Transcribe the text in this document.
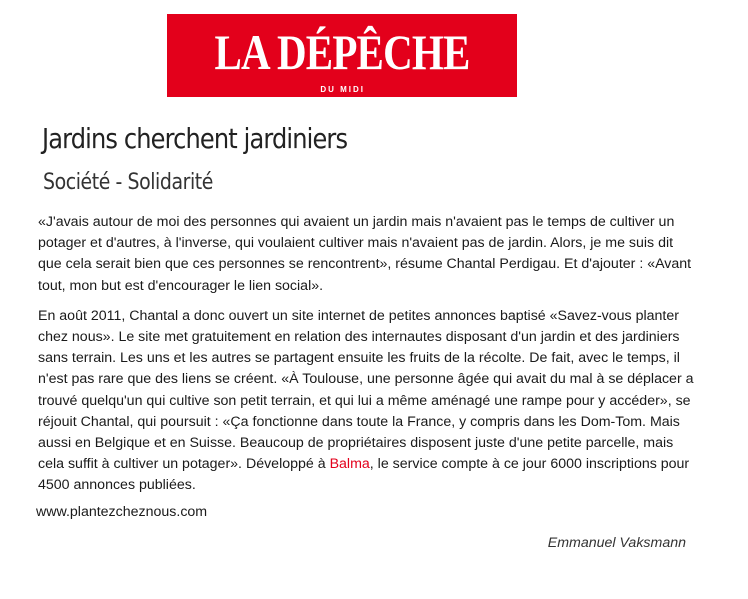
LA DÉPÊCHE
DU MIDI
Jardins cherchent jardiniers
Société - Solidarité

«J'avais autour de moi des personnes qui avaient un jardin mais n'avaient pas le temps de cultiver un potager et d'autres, à l'inverse, qui voulaient cultiver mais n'avaient pas de jardin. Alors, je me suis dit que cela serait bien que ces personnes se rencontrent», résume Chantal Perdigau. Et d'ajouter : «Avant tout, mon but est d'encourager le lien social».

En août 2011, Chantal a donc ouvert un site internet de petites annonces baptisé «Savez-vous planter chez nous». Le site met gratuitement en relation des internautes disposant d'un jardin et des jardiniers sans terrain. Les uns et les autres se partagent ensuite les fruits de la récolte. De fait, avec le temps, il n'est pas rare que des liens se créent. «À Toulouse, une personne âgée qui avait du mal à se déplacer a trouvé quelqu'un qui cultive son petit terrain, et qui lui a même aménagé une rampe pour y accéder», se réjouit Chantal, qui poursuit : «Ça fonctionne dans toute la France, y compris dans les Dom-Tom. Mais aussi en Belgique et en Suisse. Beaucoup de propriétaires disposent juste d'une petite parcelle, mais cela suffit à cultiver un potager». Développé à Balma, le service compte à ce jour 6000 inscriptions pour 4500 annonces publiées.

www.plantezcheznous.com
Emmanuel Vaksmann
